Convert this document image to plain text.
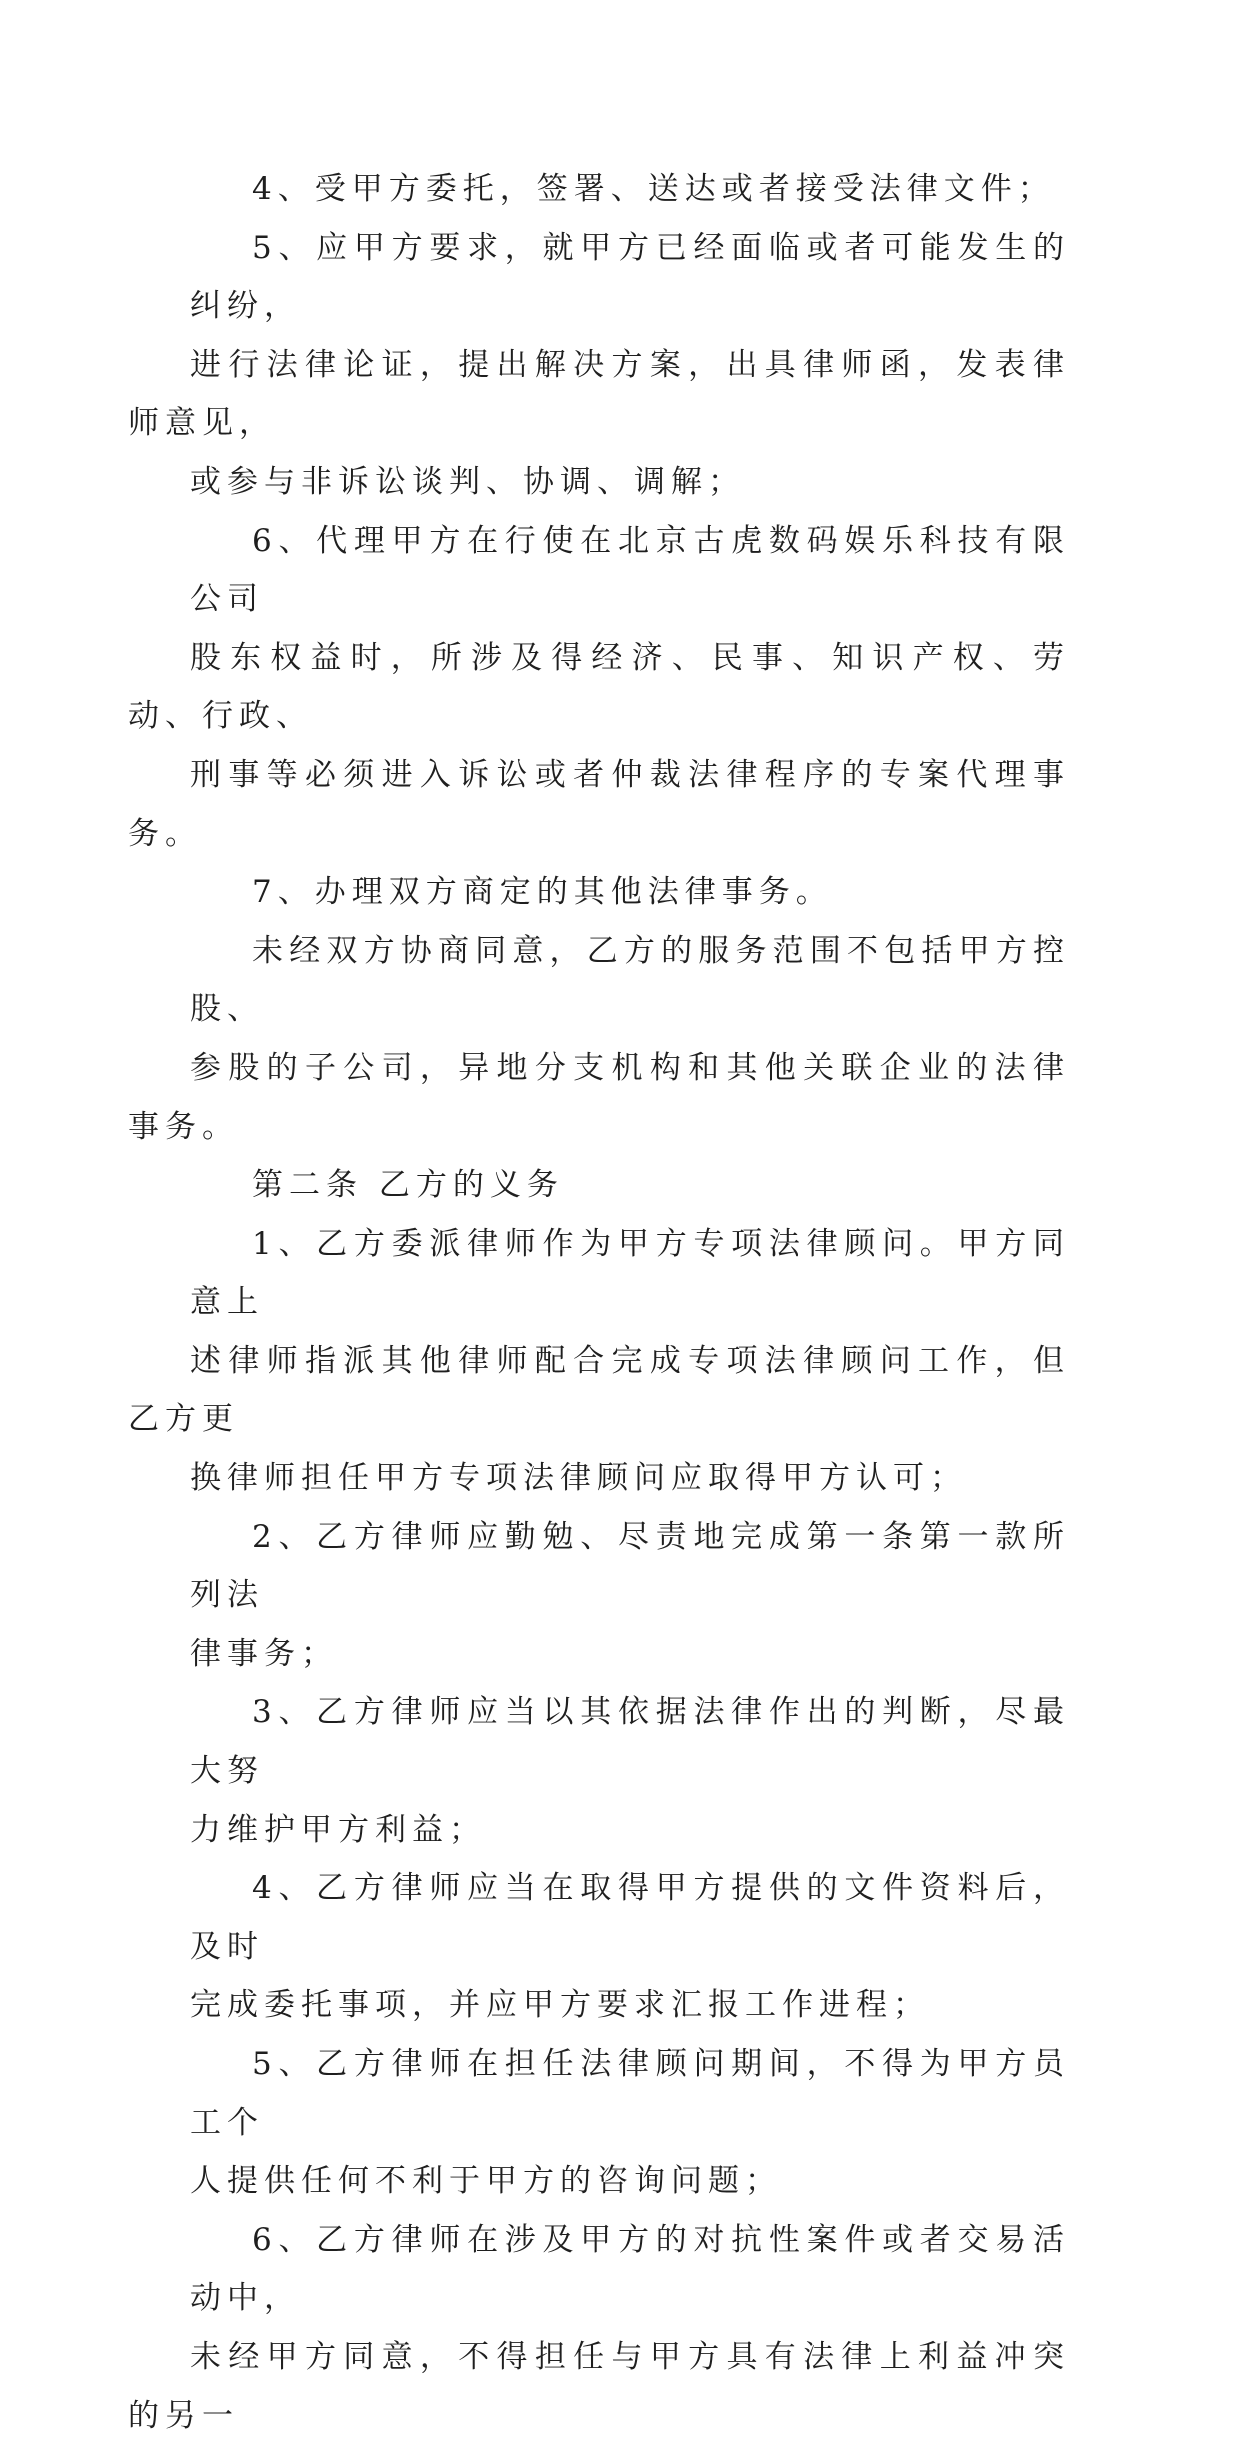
4、受甲方委托，签署、送达或者接受法律文件；

5、应甲方要求，就甲方已经面临或者可能发生的纠纷，
进行法律论证，提出解决方案，出具律师函，发表律师意见，
或参与非诉讼谈判、协调、调解；

6、代理甲方在行使在北京古虎数码娱乐科技有限公司
股东权益时，所涉及得经济、民事、知识产权、劳动、行政、
刑事等必须进入诉讼或者仲裁法律程序的专案代理事务。

7、办理双方商定的其他法律事务。

未经双方协商同意，乙方的服务范围不包括甲方控股、
参股的子公司，异地分支机构和其他关联企业的法律事务。

第二条 乙方的义务

1、乙方委派律师作为甲方专项法律顾问。甲方同意上
述律师指派其他律师配合完成专项法律顾问工作，但乙方更
换律师担任甲方专项法律顾问应取得甲方认可；

2、乙方律师应勤勉、尽责地完成第一条第一款所列法
律事务；

3、乙方律师应当以其依据法律作出的判断，尽最大努
力维护甲方利益；

4、乙方律师应当在取得甲方提供的文件资料后，及时
完成委托事项，并应甲方要求汇报工作进程；

5、乙方律师在担任法律顾问期间，不得为甲方员工个
人提供任何不利于甲方的咨询问题；

6、乙方律师在涉及甲方的对抗性案件或者交易活动中，
未经甲方同意，不得担任与甲方具有法律上利益冲突的另一
